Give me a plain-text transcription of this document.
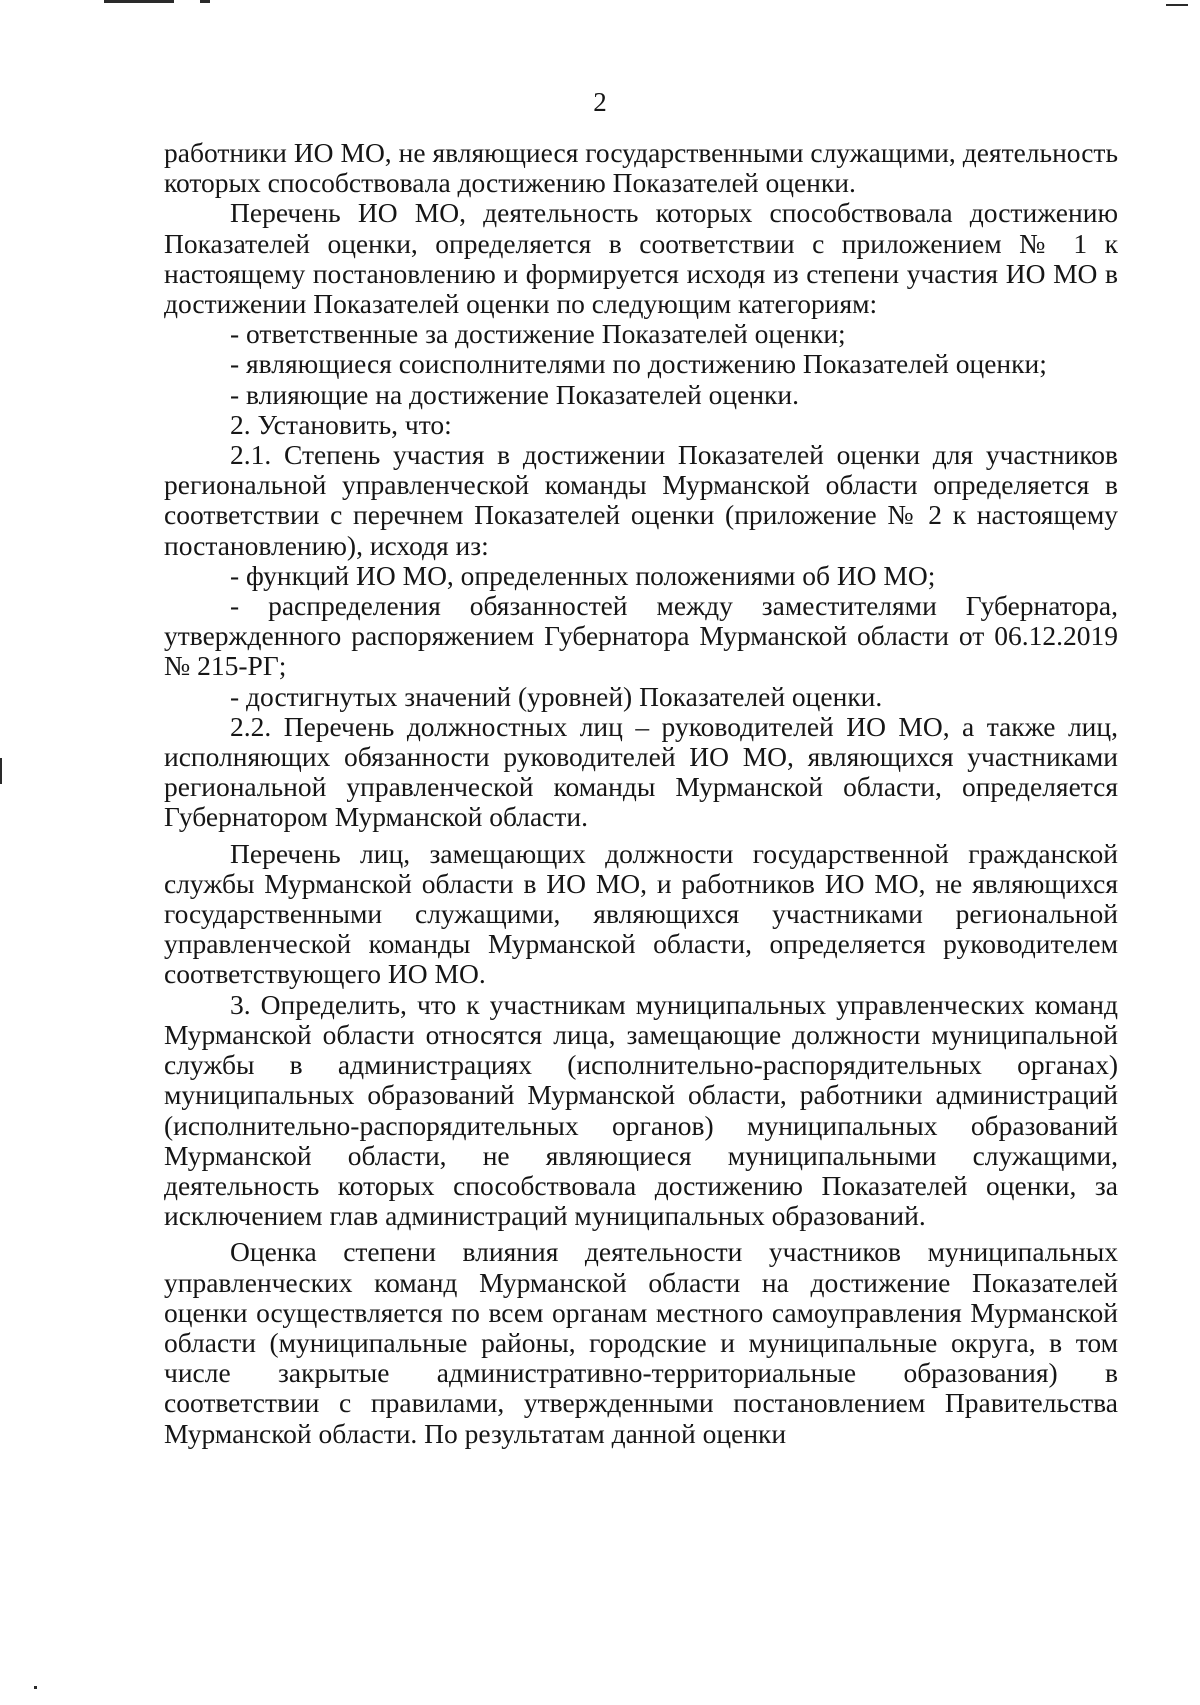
2

работники ИО МО, не являющиеся государственными служащими, деятельность которых способствовала достижению Показателей оценки.

Перечень ИО МО, деятельность которых способствовала достижению Показателей оценки, определяется в соответствии с приложением № 1 к настоящему постановлению и формируется исходя из степени участия ИО МО в достижении Показателей оценки по следующим категориям:

- ответственные за достижение Показателей оценки;

- являющиеся соисполнителями по достижению Показателей оценки;

- влияющие на достижение Показателей оценки.

2. Установить, что:

2.1. Степень участия в достижении Показателей оценки для участников региональной управленческой команды Мурманской области определяется в соответствии с перечнем Показателей оценки (приложение № 2 к настоящему постановлению), исходя из:

- функций ИО МО, определенных положениями об ИО МО;

- распределения обязанностей между заместителями Губернатора, утвержденного распоряжением Губернатора Мурманской области от 06.12.2019 № 215-РГ;

- достигнутых значений (уровней) Показателей оценки.

2.2. Перечень должностных лиц – руководителей ИО МО, а также лиц, исполняющих обязанности руководителей ИО МО, являющихся участниками региональной управленческой команды Мурманской области, определяется Губернатором Мурманской области.

Перечень лиц, замещающих должности государственной гражданской службы Мурманской области в ИО МО, и работников ИО МО, не являющихся государственными служащими, являющихся участниками региональной управленческой команды Мурманской области, определяется руководителем соответствующего ИО МО.

3. Определить, что к участникам муниципальных управленческих команд Мурманской области относятся лица, замещающие должности муниципальной службы в администрациях (исполнительно-распорядительных органах) муниципальных образований Мурманской области, работники администраций (исполнительно-распорядительных органов) муниципальных образований Мурманской области, не являющиеся муниципальными служащими, деятельность которых способствовала достижению Показателей оценки, за исключением глав администраций муниципальных образований.

Оценка степени влияния деятельности участников муниципальных управленческих команд Мурманской области на достижение Показателей оценки осуществляется по всем органам местного самоуправления Мурманской области (муниципальные районы, городские и муниципальные округа, в том числе закрытые административно-территориальные образования) в соответствии с правилами, утвержденными постановлением Правительства Мурманской области. По результатам данной оценки
